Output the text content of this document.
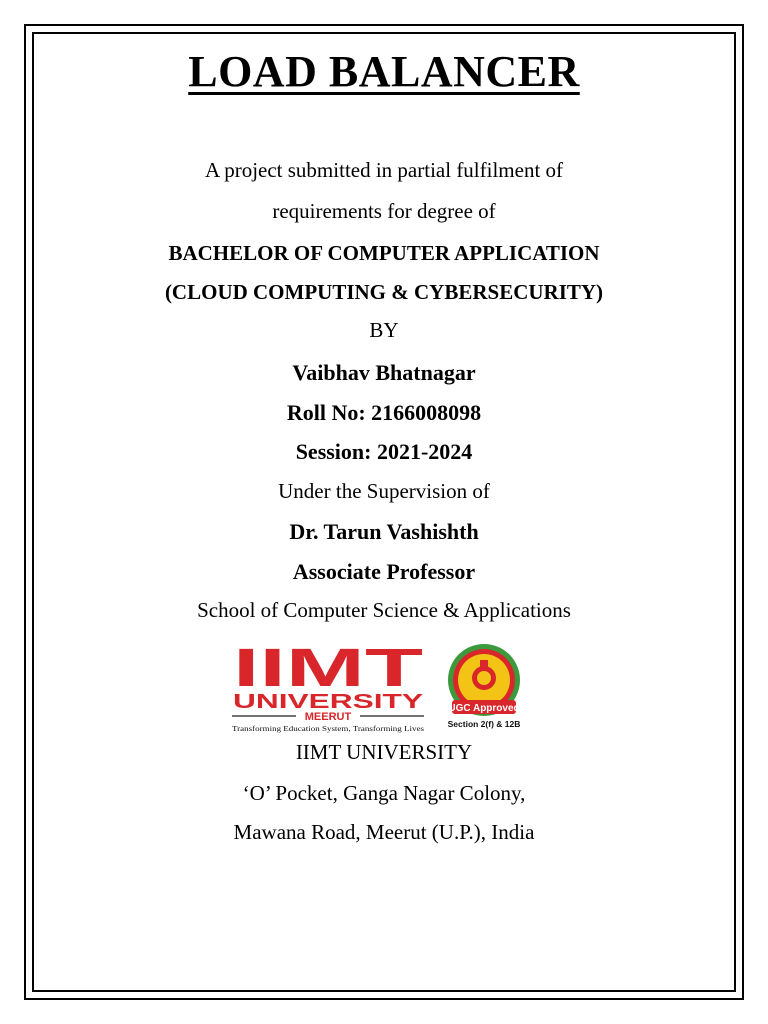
LOAD BALANCER
A project submitted in partial fulfilment of
requirements for degree of
BACHELOR OF COMPUTER APPLICATION
(CLOUD COMPUTING & CYBERSECURITY)
BY
Vaibhav Bhatnagar
Roll No: 2166008098
Session: 2021-2024
Under the Supervision of
Dr. Tarun Vashishth
Associate Professor
School of Computer Science & Applications
IIMT
UNIVERSITY
MEERUT
Transforming Education System, Transforming Lives
UGC Approved
Section 2(f) & 12B
IIMT UNIVERSITY
‘O’ Pocket, Ganga Nagar Colony,
Mawana Road, Meerut (U.P.), India
